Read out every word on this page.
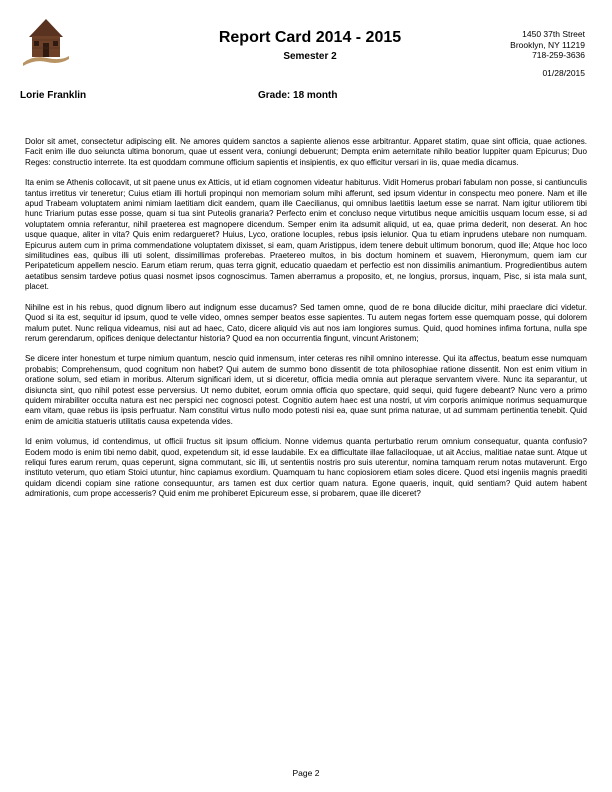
Report Card 2014 - 2015
Semester 2
1450 37th Street
Brooklyn, NY 11219
718-259-3636
01/28/2015
Lorie Franklin	Grade: 18 month

Dolor sit amet, consectetur adipiscing elit. Ne amores quidem sanctos a sapiente alienos esse arbitrantur. Apparet statim, quae sint officia, quae actiones. Facit enim ille duo seiuncta ultima bonorum, quae ut essent vera, coniungi debuerunt; Dempta enim aeternitate nihilo beatior Iuppiter quam Epicurus; Duo Reges: constructio interrete. Ita est quoddam commune officium sapientis et insipientis, ex quo efficitur versari in iis, quae media dicamus.

Ita enim se Athenis collocavit, ut sit paene unus ex Atticis, ut id etiam cognomen videatur habiturus. Vidit Homerus probari fabulam non posse, si cantiunculis tantus irretitus vir teneretur; Cuius etiam illi hortuli propinqui non memoriam solum mihi afferunt, sed ipsum videntur in conspectu meo ponere. Nam et ille apud Trabeam voluptatem animi nimiam laetitiam dicit eandem, quam ille Caecilianus, qui omnibus laetitiis laetum esse se narrat. Nam igitur utiliorem tibi hunc Triarium putas esse posse, quam si tua sint Puteolis granaria? Perfecto enim et concluso neque virtutibus neque amicitiis usquam locum esse, si ad voluptatem omnia referantur, nihil praeterea est magnopere dicendum. Semper enim ita adsumit aliquid, ut ea, quae prima dederit, non deserat. An hoc usque quaque, aliter in vita? Quis enim redargueret? Huius, Lyco, oratione locuples, rebus ipsis ielunior. Qua tu etiam inprudens utebare non numquam. Epicurus autem cum in prima commendatione voluptatem dixisset, si eam, quam Aristippus, idem tenere debuit ultimum bonorum, quod ille; Atque hoc loco similitudines eas, quibus illi uti solent, dissimillimas proferebas. Praetereo multos, in bis doctum hominem et suavem, Hieronymum, quem iam cur Peripateticum appellem nescio. Earum etiam rerum, quas terra gignit, educatio quaedam et perfectio est non dissimilis animantium. Progredientibus autem aetatibus sensim tardeve potius quasi nosmet ipsos cognoscimus. Tamen aberramus a proposito, et, ne longius, prorsus, inquam, Pisc, si ista mala sunt, placet.

Nihilne est in his rebus, quod dignum libero aut indignum esse ducamus? Sed tamen omne, quod de re bona dilucide dicitur, mihi praeclare dici videtur. Quod si ita est, sequitur id ipsum, quod te velle video, omnes semper beatos esse sapientes. Tu autem negas fortem esse quemquam posse, qui dolorem malum putet. Nunc reliqua videamus, nisi aut ad haec, Cato, dicere aliquid vis aut nos iam longiores sumus. Quid, quod homines infima fortuna, nulla spe rerum gerendarum, opifices denique delectantur historia? Quod ea non occurrentia fingunt, vincunt Aristonem;

Se dicere inter honestum et turpe nimium quantum, nescio quid inmensum, inter ceteras res nihil omnino interesse. Qui ita affectus, beatum esse numquam probabis; Comprehensum, quod cognitum non habet? Qui autem de summo bono dissentit de tota philosophiae ratione dissentit. Non est enim vitium in oratione solum, sed etiam in moribus. Alterum significari idem, ut si diceretur, officia media omnia aut pleraque servantem vivere. Nunc ita separantur, ut disiuncta sint, quo nihil potest esse perversius. Ut nemo dubitet, eorum omnia officia quo spectare, quid sequi, quid fugere debeant? Nunc vero a primo quidem mirabiliter occulta natura est nec perspici nec cognosci potest. Cognitio autem haec est una nostri, ut vim corporis animique norimus sequamurque eam vitam, quae rebus iis ipsis perfruatur. Nam constitui virtus nullo modo potesti nisi ea, quae sunt prima naturae, ut ad summam pertinentia tenebit. Quid enim de amicitia statueris utilitatis causa expetenda vides.

Id enim volumus, id contendimus, ut officii fructus sit ipsum officium. Nonne videmus quanta perturbatio rerum omnium consequatur, quanta confusio? Eodem modo is enim tibi nemo dabit, quod, expetendum sit, id esse laudabile. Ex ea difficultate illae fallaciloquae, ut ait Accius, malitiae natae sunt. Atque ut reliqui fures earum rerum, quas ceperunt, signa commutant, sic illi, ut sententiis nostris pro suis uterentur, nomina tamquam rerum notas mutaverunt. Ergo instituto veterum, quo etiam Stoici utuntur, hinc capiamus exordium. Quamquam tu hanc copiosiorem etiam soles dicere. Quod etsi ingeniis magnis praediti quidam dicendi copiam sine ratione consequuntur, ars tamen est dux certior quam natura. Egone quaeris, inquit, quid sentiam? Quid autem habent admirationis, cum prope accesseris? Quid enim me prohiberet Epicureum esse, si probarem, quae ille diceret?

Page 2
